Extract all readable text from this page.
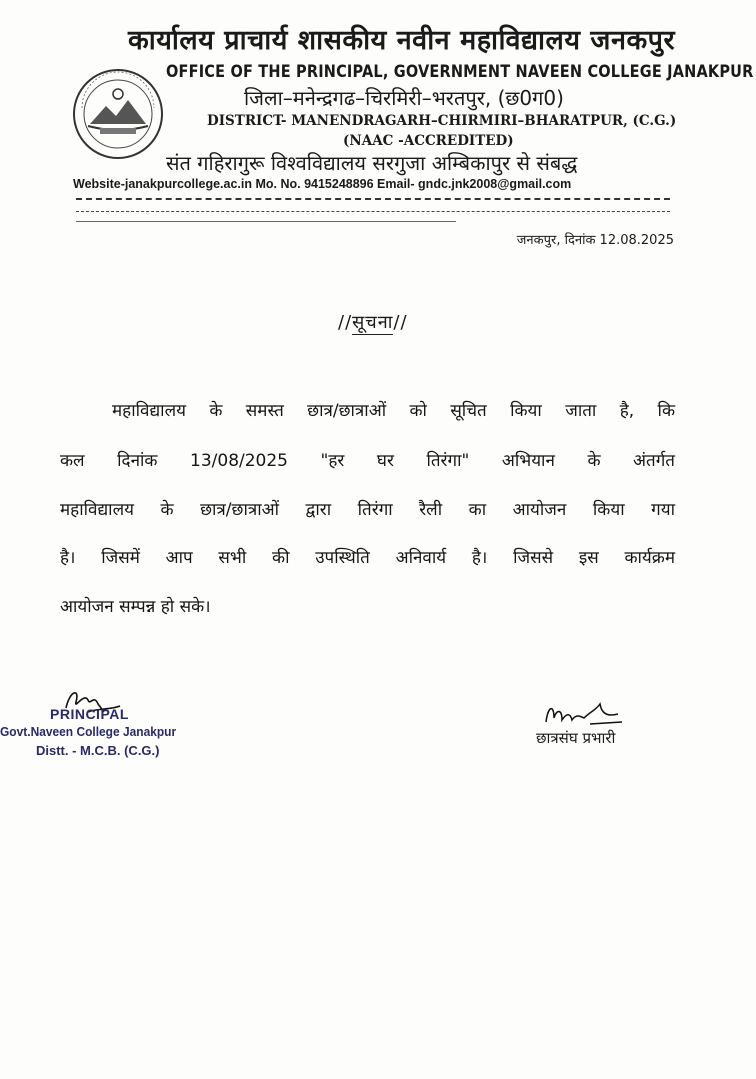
कार्यालय प्राचार्य शासकीय नवीन महाविद्यालय जनकपुर
OFFICE OF THE PRINCIPAL, GOVERNMENT NAVEEN COLLEGE JANAKPUR
जिला–मनेन्द्रगढ–चिरमिरी–भरतपुर, (छ0ग0)
DISTRICT- MANENDRAGARH–CHIRMIRI–BHARATPUR, (C.G.)
(NAAC -ACCREDITED)
संत गहिरागुरू विश्वविद्यालय सरगुजा अम्बिकापुर से संबद्ध
Website-janakpurcollege.ac.in Mo. No. 9415248896 Email- gndc.jnk2008@gmail.com
जनकपुर, दिनांक 12.08.2025
//सूचना//
महाविद्यालय के समस्त छात्र/छात्राओं को सूचित किया जाता है, कि
कल दिनांक 13/08/2025 "हर घर तिरंगा" अभियान के अंतर्गत
महाविद्यालय के छात्र/छात्राओं द्वारा तिरंगा रैली का आयोजन किया गया
है। जिसमें आप सभी की उपस्थिति अनिवार्य है। जिससे इस कार्यक्रम
आयोजन सम्पन्न हो सके।
PRINCIPAL
Govt.Naveen College Janakpur
Distt. - M.C.B. (C.G.)
छात्रसंघ प्रभारी
